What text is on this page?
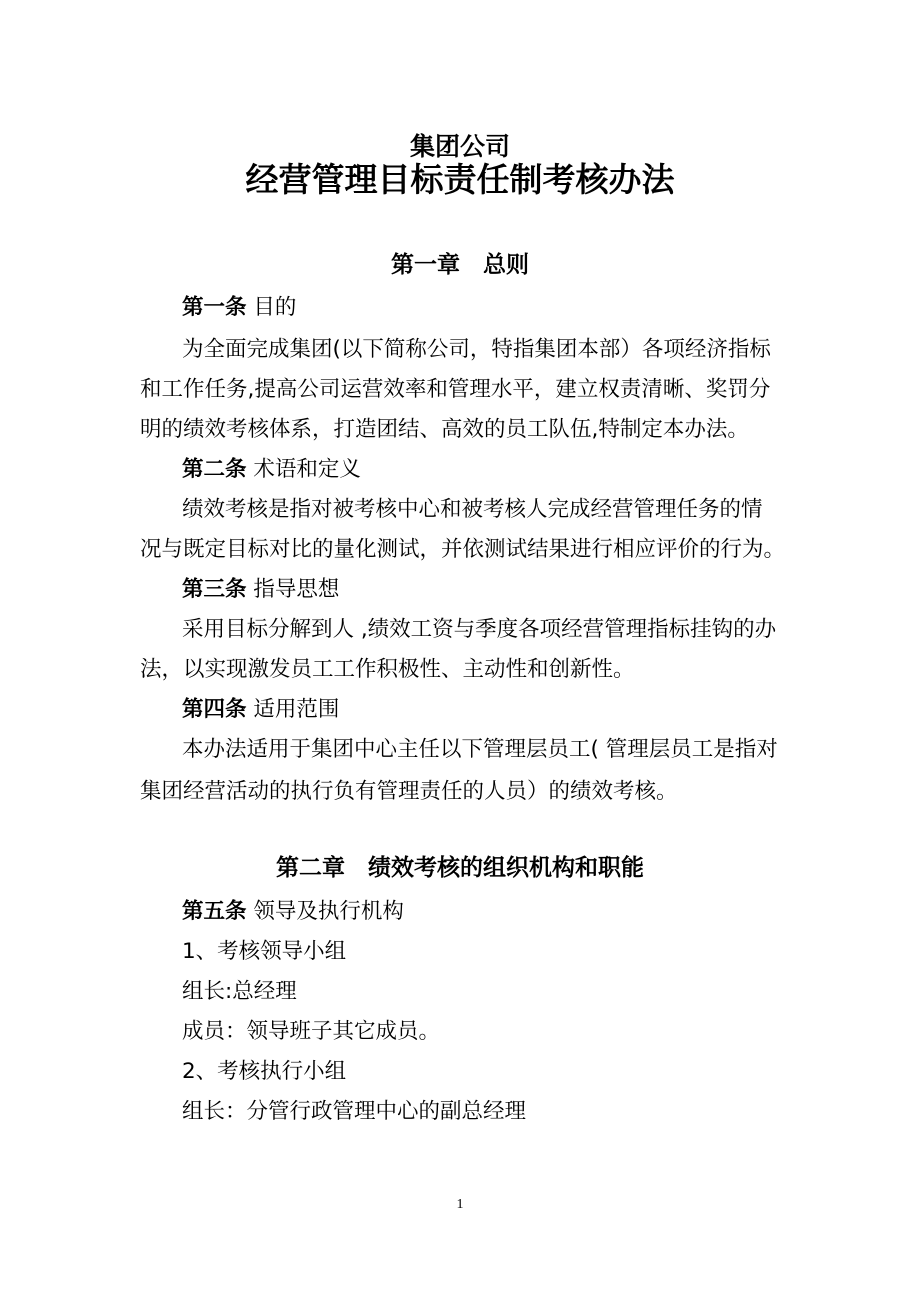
集团公司
经营管理目标责任制考核办法
第一章　总则
第一条 目的
为全面完成集团(以下简称公司，特指集团本部）各项经济指标
和工作任务,提高公司运营效率和管理水平，建立权责清晰、奖罚分
明的绩效考核体系，打造团结、高效的员工队伍,特制定本办法。
第二条 术语和定义
绩效考核是指对被考核中心和被考核人完成经营管理任务的情
况与既定目标对比的量化测试，并依测试结果进行相应评价的行为。
第三条 指导思想
采用目标分解到人 ,绩效工资与季度各项经营管理指标挂钩的办
法，以实现激发员工工作积极性、主动性和创新性。
第四条 适用范围
本办法适用于集团中心主任以下管理层员工( 管理层员工是指对
集团经营活动的执行负有管理责任的人员）的绩效考核。
第二章　绩效考核的组织机构和职能
第五条 领导及执行机构
1、考核领导小组
组长:总经理
成员：领导班子其它成员。
2、考核执行小组
组长：分管行政管理中心的副总经理
1
